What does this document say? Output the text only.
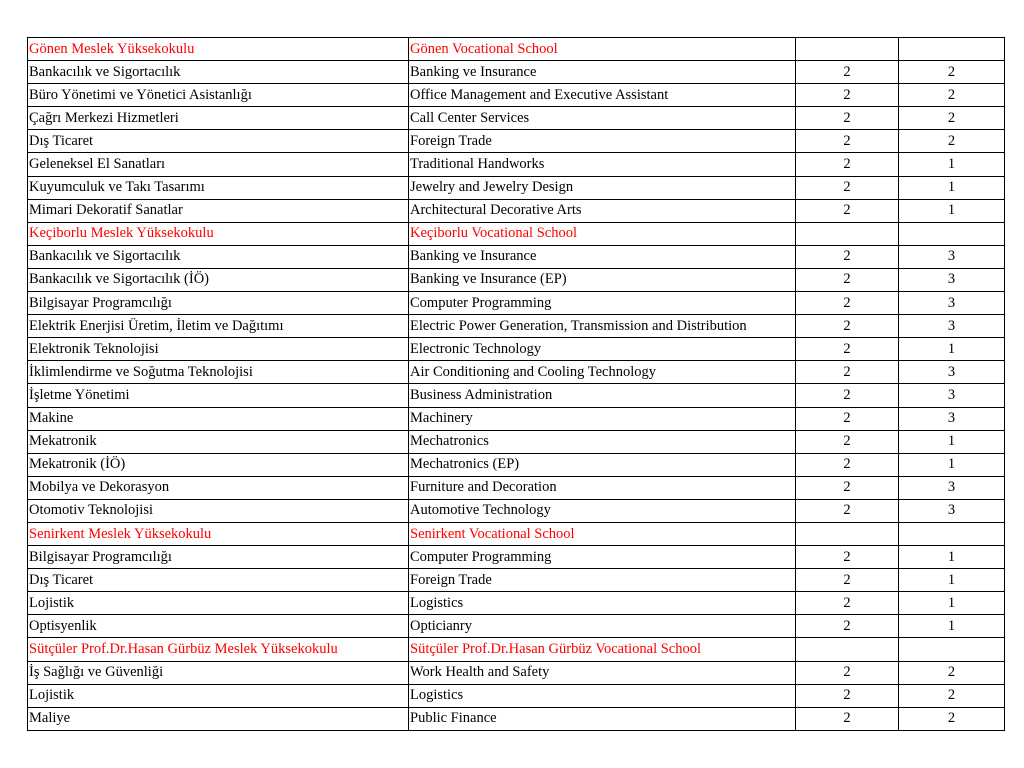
Gönen Meslek Yüksekokulu	Gönen Vocational School		
Bankacılık ve Sigortacılık	Banking ve Insurance	2	2
Büro Yönetimi ve Yönetici Asistanlığı	Office Management and Executive Assistant	2	2
Çağrı Merkezi Hizmetleri	Call Center Services	2	2
Dış Ticaret	Foreign Trade	2	2
Geleneksel El Sanatları	Traditional Handworks	2	1
Kuyumculuk ve Takı Tasarımı	Jewelry and Jewelry Design	2	1
Mimari Dekoratif Sanatlar	Architectural Decorative Arts	2	1
Keçiborlu Meslek Yüksekokulu	Keçiborlu Vocational School		
Bankacılık ve Sigortacılık	Banking ve Insurance	2	3
Bankacılık ve Sigortacılık (İÖ)	Banking ve Insurance (EP)	2	3
Bilgisayar Programcılığı	Computer Programming	2	3
Elektrik Enerjisi Üretim, İletim ve Dağıtımı	Electric Power Generation, Transmission and Distribution	2	3
Elektronik Teknolojisi	Electronic Technology	2	1
İklimlendirme ve Soğutma Teknolojisi	Air Conditioning and Cooling Technology	2	3
İşletme Yönetimi	Business Administration	2	3
Makine	Machinery	2	3
Mekatronik	Mechatronics	2	1
Mekatronik (İÖ)	Mechatronics (EP)	2	1
Mobilya ve Dekorasyon	Furniture and Decoration	2	3
Otomotiv Teknolojisi	Automotive Technology	2	3
Senirkent Meslek Yüksekokulu	Senirkent Vocational School		
Bilgisayar Programcılığı	Computer Programming	2	1
Dış Ticaret	Foreign Trade	2	1
Lojistik	Logistics	2	1
Optisyenlik	Opticianry	2	1
Sütçüler Prof.Dr.Hasan Gürbüz Meslek Yüksekokulu	Sütçüler Prof.Dr.Hasan Gürbüz Vocational School		
İş Sağlığı ve Güvenliği	Work Health and Safety	2	2
Lojistik	Logistics	2	2
Maliye	Public Finance	2	2
